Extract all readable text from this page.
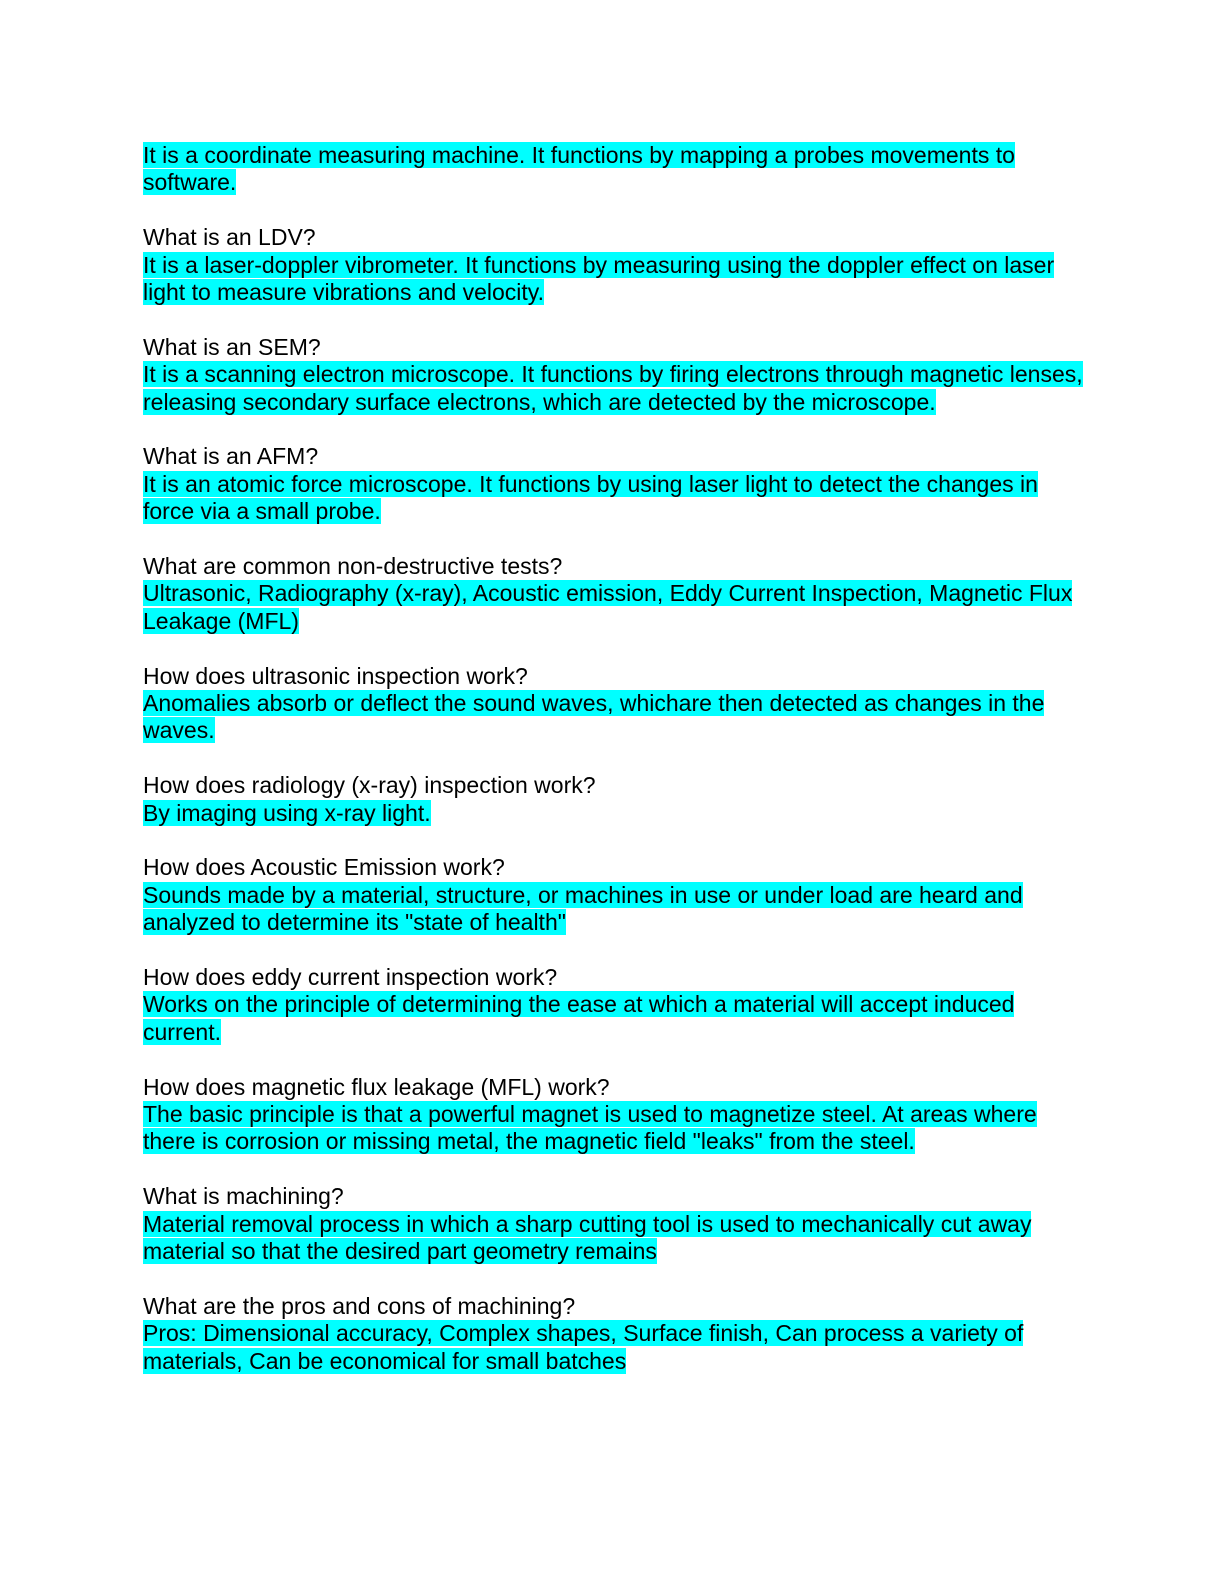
It is a coordinate measuring machine. It functions by mapping a probes movements to software.

What is an LDV?

It is a laser-doppler vibrometer. It functions by measuring using the doppler effect on laser light to measure vibrations and velocity.

What is an SEM?

It is a scanning electron microscope. It functions by firing electrons through magnetic lenses, releasing secondary surface electrons, which are detected by the microscope.

What is an AFM?

It is an atomic force microscope. It functions by using laser light to detect the changes in force via a small probe.

What are common non-destructive tests?

Ultrasonic, Radiography (x-ray), Acoustic emission, Eddy Current Inspection, Magnetic Flux Leakage (MFL)

How does ultrasonic inspection work?

Anomalies absorb or deflect the sound waves, whichare then detected as changes in the waves.

How does radiology (x-ray) inspection work?

By imaging using x-ray light.

How does Acoustic Emission work?

Sounds made by a material, structure, or machines in use or under load are heard and analyzed to determine its "state of health"

How does eddy current inspection work?

Works on the principle of determining the ease at which a material will accept induced current.

How does magnetic flux leakage (MFL) work?

The basic principle is that a powerful magnet is used to magnetize steel. At areas where there is corrosion or missing metal, the magnetic field "leaks" from the steel.

What is machining?

Material removal process in which a sharp cutting tool is used to mechanically cut away material so that the desired part geometry remains

What are the pros and cons of machining?

Pros: Dimensional accuracy, Complex shapes, Surface finish, Can process a variety of materials, Can be economical for small batches
